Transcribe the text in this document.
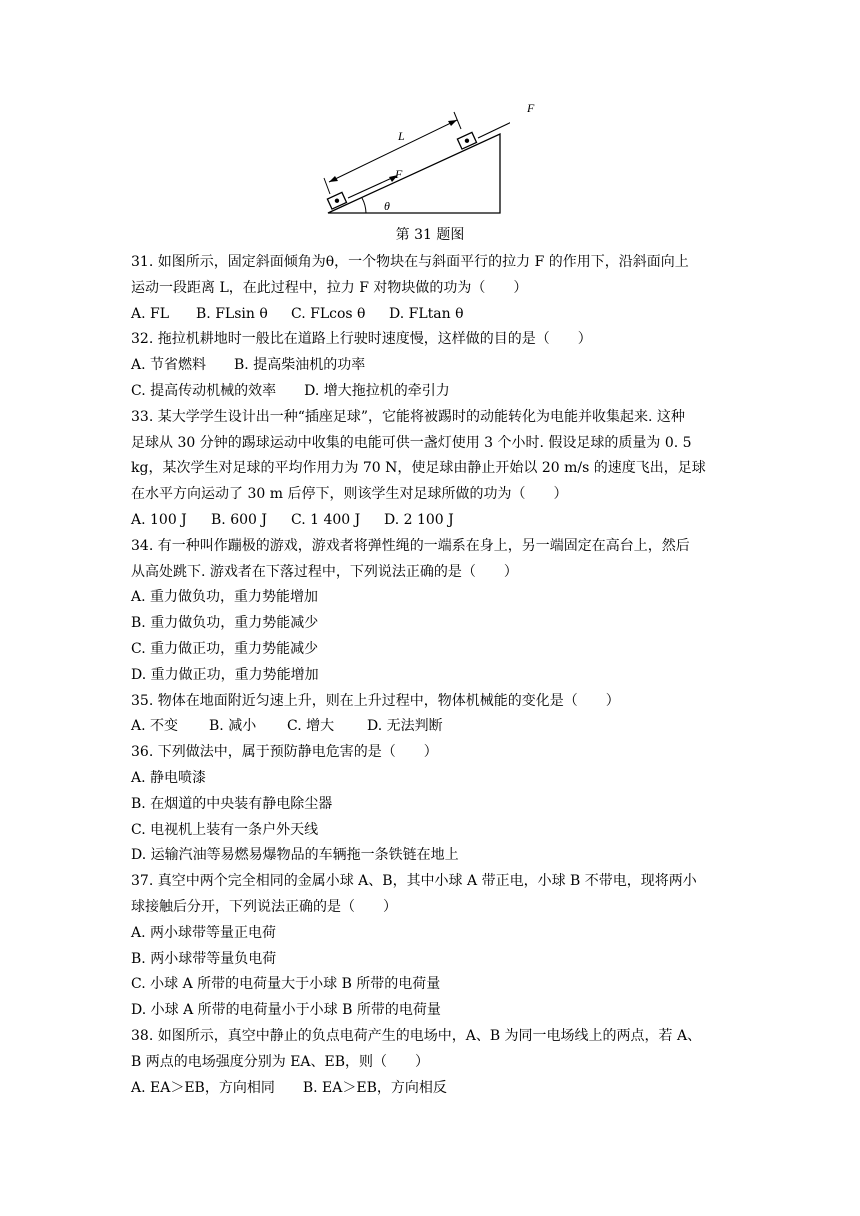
L
F
θ
F
第 31 题图
31. 如图所示，固定斜面倾角为θ，一个物块在与斜面平行的拉力 F 的作用下，沿斜面向上
运动一段距离 L，在此过程中，拉力 F 对物块做的功为（　　）
A. FL B. FLsin θ C. FLcos θ D. FLtan θ
32. 拖拉机耕地时一般比在道路上行驶时速度慢，这样做的目的是（　　）
A. 节省燃料　　B. 提高柴油机的功率
C. 提高传动机械的效率　　D. 增大拖拉机的牵引力
33. 某大学学生设计出一种“插座足球”，它能将被踢时的动能转化为电能并收集起来. 这种
足球从 30 分钟的踢球运动中收集的电能可供一盏灯使用 3 个小时. 假设足球的质量为 0. 5
kg，某次学生对足球的平均作用力为 70 N，使足球由静止开始以 20 m/s 的速度飞出，足球
在水平方向运动了 30 m 后停下，则该学生对足球所做的功为（　　）
A. 100 J B. 600 J C. 1 400 J D. 2 100 J
34. 有一种叫作蹦极的游戏，游戏者将弹性绳的一端系在身上，另一端固定在高台上，然后
从高处跳下. 游戏者在下落过程中，下列说法正确的是（　　）
A. 重力做负功，重力势能增加
B. 重力做负功，重力势能减少
C. 重力做正功，重力势能减少
D. 重力做正功，重力势能增加
35. 物体在地面附近匀速上升，则在上升过程中，物体机械能的变化是（　　）
A. 不变 B. 减小 C. 增大 D. 无法判断
36. 下列做法中，属于预防静电危害的是（　　）
A. 静电喷漆
B. 在烟道的中央装有静电除尘器
C. 电视机上装有一条户外天线
D. 运输汽油等易燃易爆物品的车辆拖一条铁链在地上
37. 真空中两个完全相同的金属小球 A、B，其中小球 A 带正电，小球 B 不带电，现将两小
球接触后分开，下列说法正确的是（　　）
A. 两小球带等量正电荷
B. 两小球带等量负电荷
C. 小球 A 所带的电荷量大于小球 B 所带的电荷量
D. 小球 A 所带的电荷量小于小球 B 所带的电荷量
38. 如图所示，真空中静止的负点电荷产生的电场中，A、B 为同一电场线上的两点，若 A、
B 两点的电场强度分别为 EA、EB，则（　　）
A. EA＞EB，方向相同　　B. EA＞EB，方向相反
